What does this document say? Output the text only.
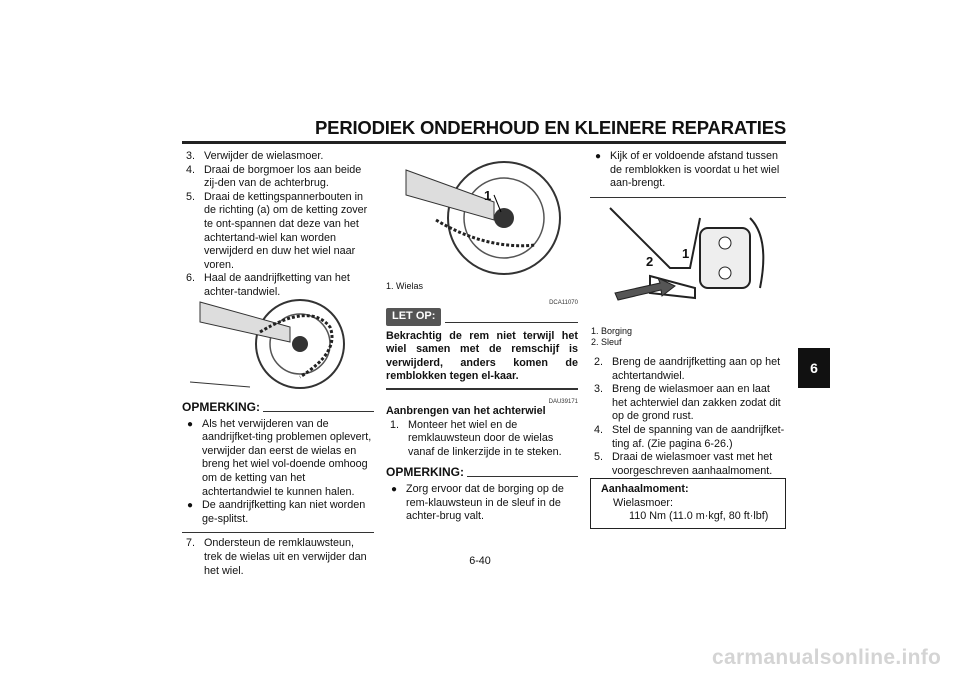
PERIODIEK ONDERHOUD EN KLEINERE REPARATIES
6

3. Verwijder de wielasmoer.

4. Draai de borgmoer los aan beide zij-den van de achterbrug.

5. Draai de kettingspannerbouten in de richting (a) om de ketting zover te ont-spannen dat deze van het achtertand-wiel kan worden verwijderd en duw het wiel naar voren.

6. Haal de aandrijfketting van het achter-tandwiel.

OPMERKING:
● Als het verwijderen van de aandrijfket-ting problemen oplevert, verwijder dan eerst de wielas en breng het wiel vol-doende omhoog om de ketting van het achtertandwiel te kunnen halen.
● De aandrijfketting kan niet worden ge-splitst.

7. Ondersteun de remklauwsteun, trek de wielas uit en verwijder dan het wiel.

1
1. Wielas
DCA11070
LET OP:
Bekrachtig de rem niet terwijl het wiel samen met de remschijf is verwijderd, anders komen de remblokken tegen el-kaar.
DAU39171
Aanbrengen van het achterwiel

1. Monteer het wiel en de remklauwsteun door de wielas vanaf de linkerzijde in te steken.

OPMERKING:
● Zorg ervoor dat de borging op de rem-klauwsteun in de sleuf in de achter-brug valt.
● Kijk of er voldoende afstand tussen de remblokken is voordat u het wiel aan-brengt.
1
2
1. Borging
2. Sleuf

2. Breng de aandrijfketting aan op het achtertandwiel.

3. Breng de wielasmoer aan en laat het achterwiel dan zakken zodat dit op de grond rust.

4. Stel de spanning van de aandrijfket-ting af. (Zie pagina 6-26.)

5. Draai de wielasmoer vast met het voorgeschreven aanhaalmoment.

Aanhaalmoment:
Wielasmoer:
110 Nm (11.0 m·kgf, 80 ft·lbf)
6-40
carmanualsonline.info
